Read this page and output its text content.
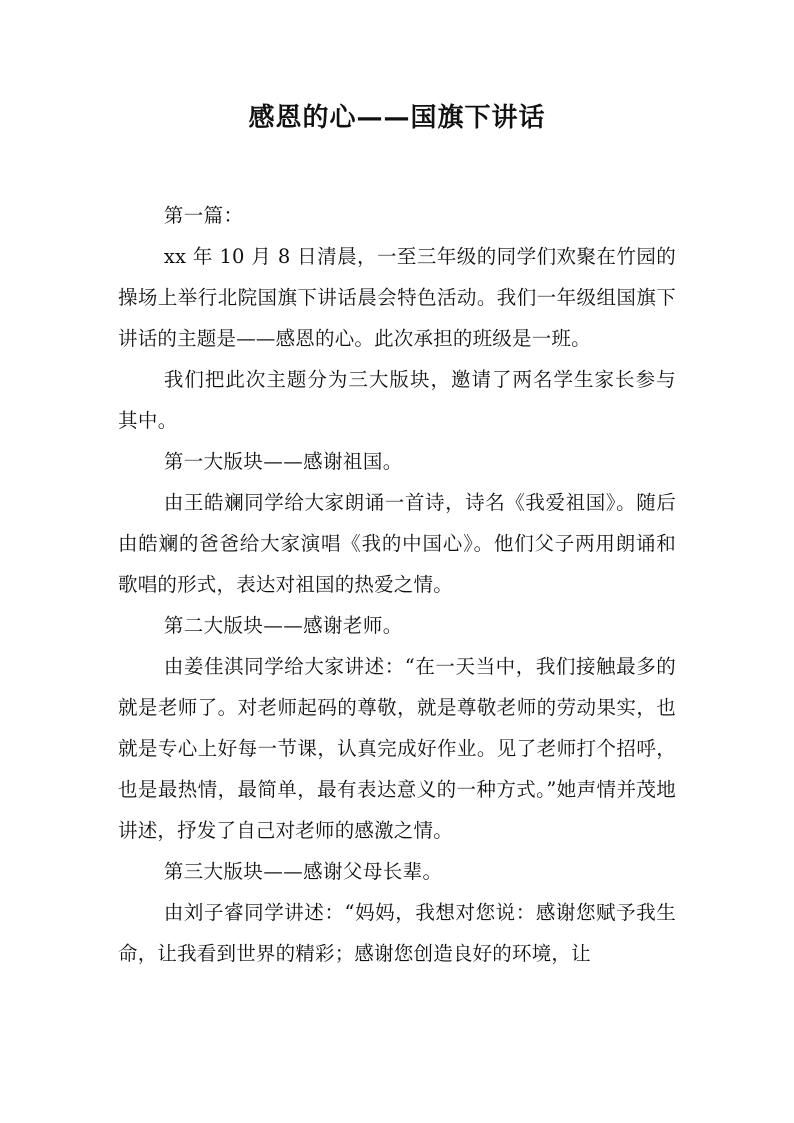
感恩的心——国旗下讲话

第一篇：

xx 年 10 月 8 日清晨，一至三年级的同学们欢聚在竹园的操场上举行北院国旗下讲话晨会特色活动。我们一年级组国旗下讲话的主题是——感恩的心。此次承担的班级是一班。

我们把此次主题分为三大版块，邀请了两名学生家长参与其中。

第一大版块——感谢祖国。

由王皓斓同学给大家朗诵一首诗，诗名《我爱祖国》。随后由皓斓的爸爸给大家演唱《我的中国心》。他们父子两用朗诵和歌唱的形式，表达对祖国的热爱之情。

第二大版块——感谢老师。

由姜佳淇同学给大家讲述：“在一天当中，我们接触最多的就是老师了。对老师起码的尊敬，就是尊敬老师的劳动果实，也就是专心上好每一节课，认真完成好作业。见了老师打个招呼，也是最热情，最简单，最有表达意义的一种方式。”她声情并茂地讲述，抒发了自己对老师的感激之情。

第三大版块——感谢父母长辈。

由刘子睿同学讲述：“妈妈，我想对您说：感谢您赋予我生命，让我看到世界的精彩；感谢您创造良好的环境，让
